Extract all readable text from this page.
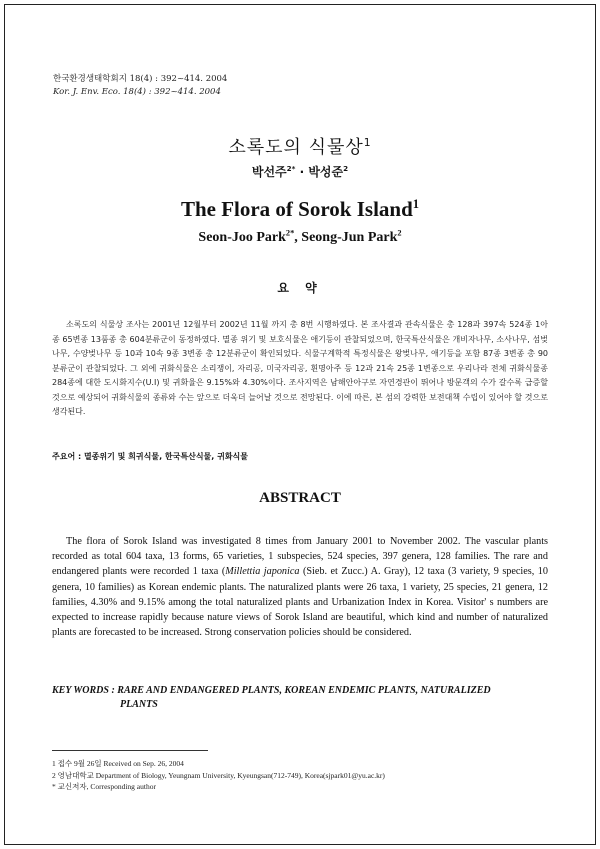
한국환경생태학회지 18(4) : 392~414. 2004
Kor. J. Env. Eco. 18(4) : 392~414. 2004
소록도의 식물상$^1$
박선주$^{2*}$ · 박성준$^2$
The Flora of Sorok Island$^1$
Seon-Joo Park$^{2*}$, Seong-Jun Park$^2$
요 약
소록도의 식물상 조사는 2001년 12월부터 2002년 11월 까지 총 8번 시행하였다. 본 조사결과 관속식물은 총 128과 397속 524종 1아종 65변종 13품종 총 604분류군이 동정하였다. 멸종 위기 및 보호식물은 애기등이 관찰되었으며, 한국특산식물은 개비자나무, 소사나무, 섬벚나무, 수양벚나무 등 10과 10속 9종 3변종 총 12분류군이 확인되었다. 식물구계학적 특정식물은 왕벚나무, 애기등을 포함 87종 3변종 총 90분류군이 관찰되었다. 그 외에 귀화식물은 소리쟁이, 자리공, 미국자리공, 흰명아주 등 12과 21속 25종 1변종으로 우리나라 전체 귀화식물종 284종에 대한 도시화지수(U.I) 및 귀화율은 9.15%와 4.30%이다. 조사지역은 남해안아구로 자연경관이 뛰어나 방문객의 수가 갈수록 급증할 것으로 예상되어 귀화식물의 종류와 수는 앞으로 더욱더 늘어날 것으로 전망된다. 이에 따른, 본 섬의 강력한 보전대책 수립이 있어야 할 것으로 생각된다.
주요어 : 멸종위기 및 희귀식물, 한국특산식물, 귀화식물
ABSTRACT
The flora of Sorok Island was investigated 8 times from January 2001 to November 2002. The vascular plants recorded as total 604 taxa, 13 forms, 65 varieties, 1 subspecies, 524 species, 397 genera, 128 families. The rare and endangered plants were recorded 1 taxa (Millettia japonica (Sieb. et Zucc.) A. Gray), 12 taxa (3 variety, 9 species, 10 genera, 10 families) as Korean endemic plants. The naturalized plants were 26 taxa, 1 variety, 25 species, 21 genera, 12 families, 4.30% and 9.15% among the total naturalized plants and Urbanization Index in Korea. Visitor' s numbers are expected to increase rapidly because nature views of Sorok Island are beautiful, which kind and number of naturalized plants are forecasted to be increased. Strong conservation policies should be considered.
KEY WORDS : RARE AND ENDANGERED PLANTS, KOREAN ENDEMIC PLANTS, NATURALIZED
PLANTS
1 접수 9월 26일 Received on Sep. 26, 2004
2 영남대학교 Department of Biology, Yeungnam University, Kyeungsan(712-749), Korea(sjpark01@yu.ac.kr)
* 교신저자, Corresponding author
